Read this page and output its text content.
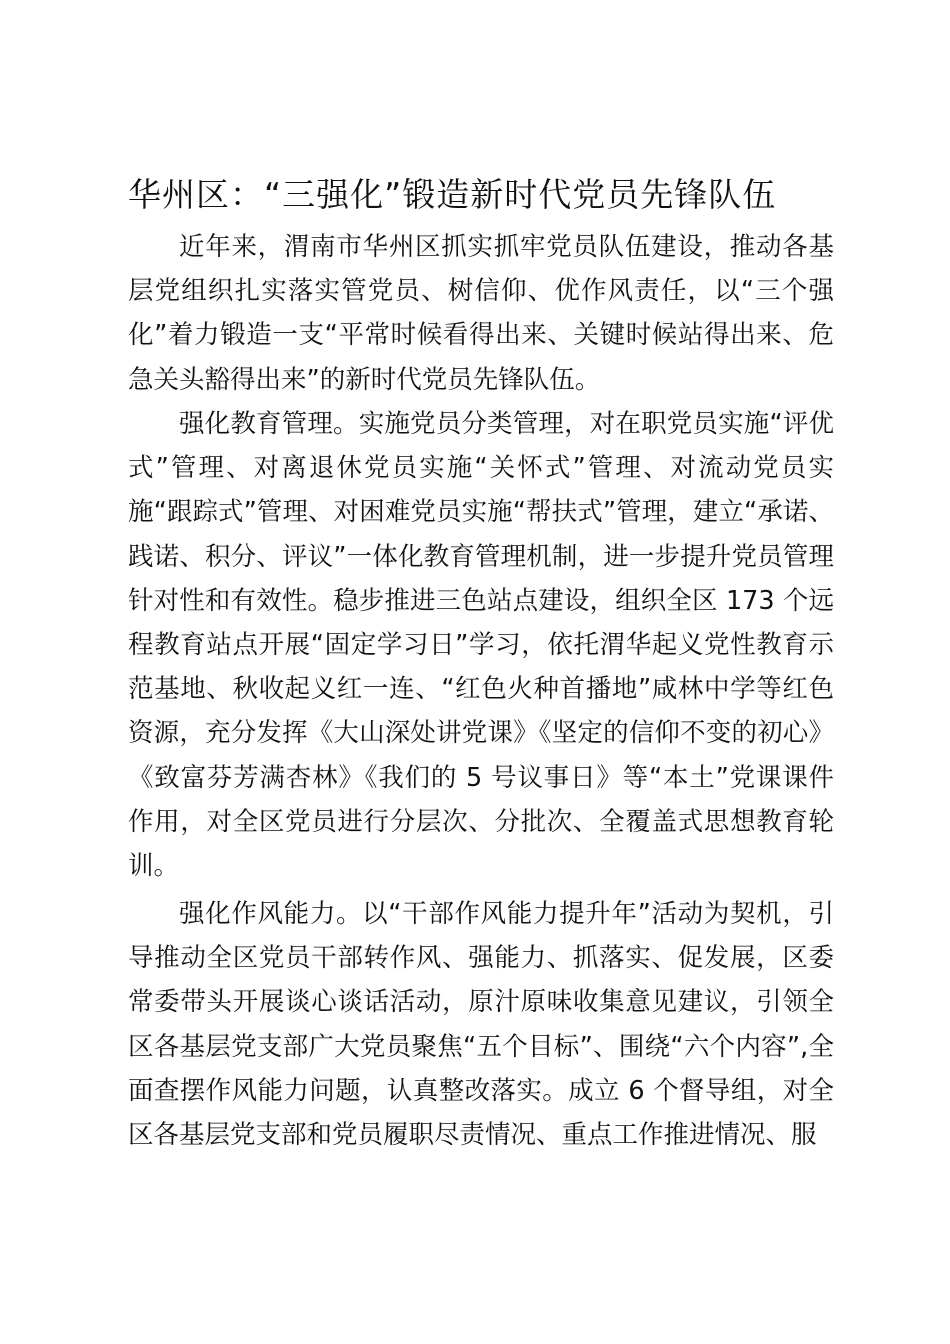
华州区：“三强化”锻造新时代党员先锋队伍

近年来，渭南市华州区抓实抓牢党员队伍建设，推动各基层党组织扎实落实管党员、树信仰、优作风责任，以“三个强化”着力锻造一支“平常时候看得出来、关键时候站得出来、危急关头豁得出来”的新时代党员先锋队伍。

强化教育管理。实施党员分类管理，对在职党员实施“评优式”管理、对离退休党员实施“关怀式”管理、对流动党员实施“跟踪式”管理、对困难党员实施“帮扶式”管理，建立“承诺、践诺、积分、评议”一体化教育管理机制，进一步提升党员管理针对性和有效性。稳步推进三色站点建设，组织全区 173 个远程教育站点开展“固定学习日”学习，依托渭华起义党性教育示范基地、秋收起义红一连、“红色火种首播地”咸林中学等红色资源，充分发挥《大山深处讲党课》《坚定的信仰不变的初心》《致富芬芳满杏林》《我们的 5 号议事日》等“本土”党课课件作用，对全区党员进行分层次、分批次、全覆盖式思想教育轮训。

强化作风能力。以“干部作风能力提升年”活动为契机，引导推动全区党员干部转作风、强能力、抓落实、促发展，区委常委带头开展谈心谈话活动，原汁原味收集意见建议，引领全区各基层党支部广大党员聚焦“五个目标”、围绕“六个内容”,全面查摆作风能力问题，认真整改落实。成立 6 个督导组，对全区各基层党支部和党员履职尽责情况、重点工作推进情况、服
